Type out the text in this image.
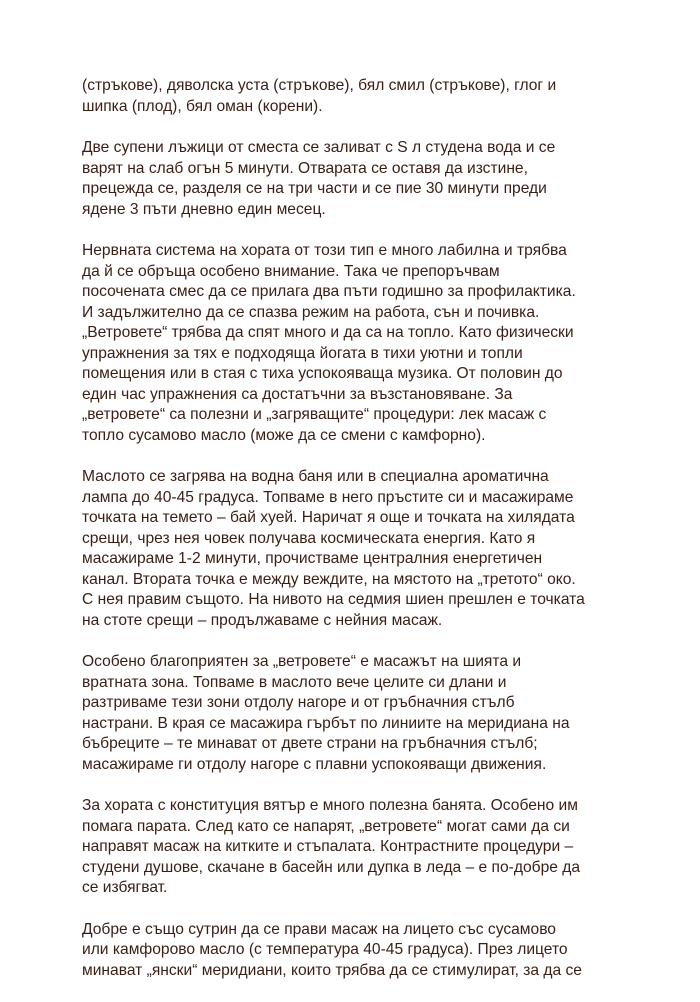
(стръкове), дяволска уста (стръкове), бял смил (стръкове), глог и
шипка (плод), бял оман (корени).

Две супени лъжици от сместа се заливат с S л студена вода и се
варят на слаб огън 5 минути. Отварата се оставя да изстине,
прецежда се, разделя се на три части и се пие 30 минути преди
ядене 3 пъти дневно един месец.

Нервната система на хората от този тип е много лабилна и трябва
да й се обръща особено внимание. Така че препоръчвам
посочената смес да се прилага два пъти годишно за профилактика.
И задължително да се спазва режим на работа, сън и почивка.
„Ветровете“ трябва да спят много и да са на топло. Като физически
упражнения за тях е подходяща йогата в тихи уютни и топли
помещения или в стая с тиха успокояваща музика. От половин до
един час упражнения са достатъчни за възстановяване. За
„ветровете“ са полезни и „загряващите“ процедури: лек масаж с
топло сусамово масло (може да се смени с камфорно).

Маслото се загрява на водна баня или в специална ароматична
лампа до 40-45 градуса. Топваме в него пръстите си и масажираме
точката на темето – бай хуей. Наричат я още и точката на хилядата
срещи, чрез нея човек получава космическата енергия. Като я
масажираме 1-2 минути, прочистваме централния енергетичен
канал. Втората точка е между веждите, на мястото на „третото“ око.
С нея правим същото. На нивото на седмия шиен прешлен е точката
на стоте срещи – продължаваме с нейния масаж.

Особено благоприятен за „ветровете“ е масажът на шията и
вратната зона. Топваме в маслото вече целите си длани и
разтриваме тези зони отдолу нагоре и от гръбначния стълб
настрани. В края се масажира гърбът по линиите на меридиана на
бъбреците – те минават от двете страни на гръбначния стълб;
масажираме ги отдолу нагоре с плавни успокояващи движения.

За хората с конституция вятър е много полезна банята. Особено им
помага парата. След като се напарят, „ветровете“ могат сами да си
направят масаж на китките и стъпалата. Контрастните процедури –
студени душове, скачане в басейн или дупка в леда – е по-добре да
се избягват.

Добре е също сутрин да се прави масаж на лицето със сусамово
или камфорово масло (с температура 40-45 градуса). През лицето
минават „янски“ меридиани, които трябва да се стимулират, за да се
